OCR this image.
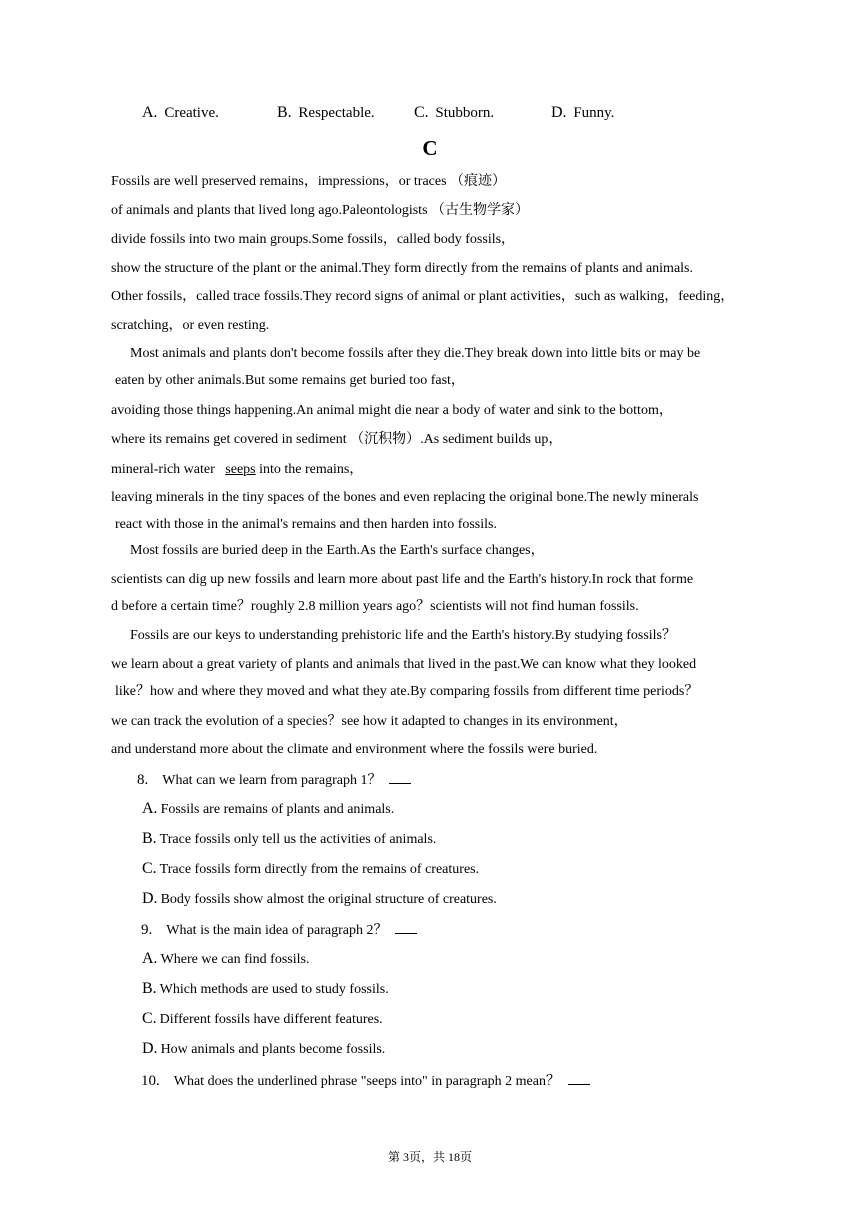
A. Creative.	B. Respectable. C. Stubborn.	D. Funny.
C
Fossils are well preserved remains，impressions，or traces （痕迹）
of animals and plants that lived long ago.Paleontologists （古生物学家）
divide fossils into two main groups.Some fossils，called body fossils，
show the structure of the plant or the animal.They form directly from the remains of plants and animals.
Other fossils，called trace fossils.They record signs of animal or plant activities，such as walking，feeding，
scratching，or even resting.
Most animals and plants don't become fossils after they die.They break down into little bits or may be
eaten by other animals.But some remains get buried too fast，
avoiding those things happening.An animal might die near a body of water and sink to the bottom，
where its remains get covered in sediment （沉积物）.As sediment builds up，
mineral-rich water seeps into the remains，
leaving minerals in the tiny spaces of the bones and even replacing the original bone.The newly minerals
react with those in the animal's remains and then harden into fossils.
Most fossils are buried deep in the Earth.As the Earth's surface changes，
scientists can dig up new fossils and learn more about past life and the Earth's history.In rock that forme
d before a certain time？roughly 2.8 million years ago？scientists will not find human fossils.
Fossils are our keys to understanding prehistoric life and the Earth's history.By studying fossils？
we learn about a great variety of plants and animals that lived in the past.We can know what they looked
like？how and where they moved and what they ate.By comparing fossils from different time periods？
we can track the evolution of a species？see how it adapted to changes in its environment，
and understand more about the climate and environment where the fossils were buried.
8. What can we learn from paragraph 1？
A. Fossils are remains of plants and animals.
B. Trace fossils only tell us the activities of animals.
C. Trace fossils form directly from the remains of creatures.
D. Body fossils show almost the original structure of creatures.
9. What is the main idea of paragraph 2？
A. Where we can find fossils.
B. Which methods are used to study fossils.
C. Different fossils have different features.
D. How animals and plants become fossils.
10. What does the underlined phrase "seeps into" in paragraph 2 mean？
第 3页，共 18页
